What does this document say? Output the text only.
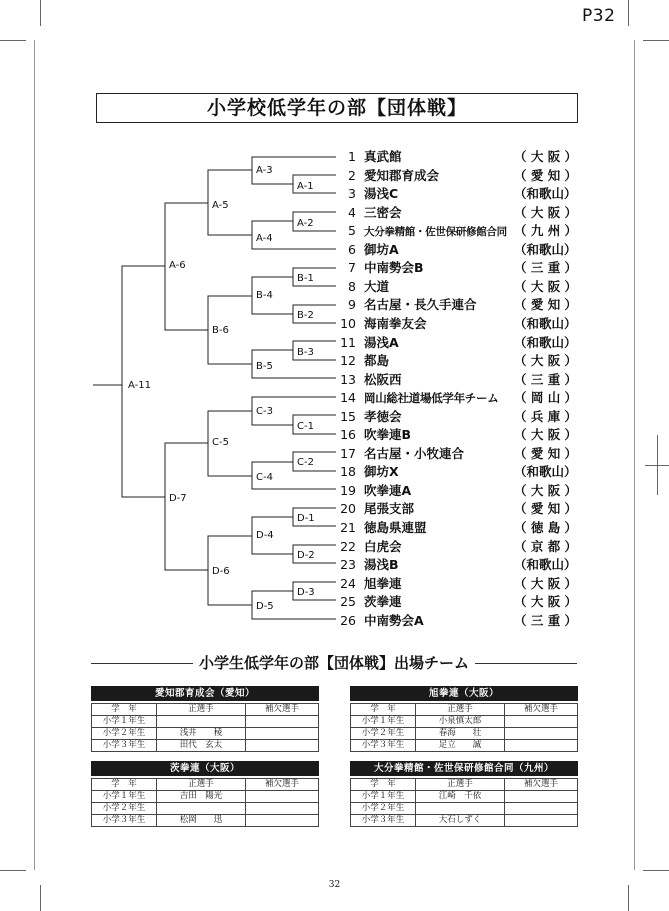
P32
小学校低学年の部【団体戦】
A-3
A-1
A-2
A-4
A-5
A-6
B-1
B-4
B-2
B-6
B-3
B-5
A-11
C-3
C-1
C-5
C-2
C-4
D-7
D-1
D-4
D-2
D-6
D-3
D-5
1 真武館	（ 大 阪 ）
2 愛知郡育成会	（ 愛 知 ）
3 湯浅C	（和歌山）
4 三密会	（ 大 阪 ）
5 大分拳精館・佐世保研修館合同 （ 九 州 ）
6 御坊A	（和歌山）
7 中南勢会B	（ 三 重 ）
8 大道	（ 大 阪 ）
9 名古屋・長久手連合	（ 愛 知 ）
10 海南拳友会	（和歌山）
11 湯浅A	（和歌山）
12 都島	（ 大 阪 ）
13 松阪西	（ 三 重 ）
14 岡山総社道場低学年チーム （ 岡 山 ）
15 孝徳会	（ 兵 庫 ）
16 吹拳連B	（ 大 阪 ）
17 名古屋・小牧連合	（ 愛 知 ）
18 御坊X	（和歌山）
19 吹拳連A	（ 大 阪 ）
20 尾張支部	（ 愛 知 ）
21 徳島県連盟	（ 徳 島 ）
22 白虎会	（ 京 都 ）
23 湯浅B	（和歌山）
24 旭拳連	（ 大 阪 ）
25 茨拳連	（ 大 阪 ）
26 中南勢会A	（ 三 重 ）
小学生低学年の部【団体戦】出場チーム
愛知郡育成会（愛知）
学　年	正選手	補欠選手
小学１年生		
小学２年生	浅井　　稜	
小学３年生	田代　玄太	
旭拳連（大阪）
学　年	正選手	補欠選手
小学１年生	小泉慎太郎	
小学２年生	春海　　壮	
小学３年生	足立　　誠	
茨拳連（大阪）
学　年	正選手	補欠選手
小学１年生	吉田　陽光	
小学２年生		
小学３年生	松岡　　迅	
大分拳精館・佐世保研修館合同（九州）
学　年	正選手	補欠選手
小学１年生	江崎　千依	
小学２年生		
小学３年生	大石しずく	
32
